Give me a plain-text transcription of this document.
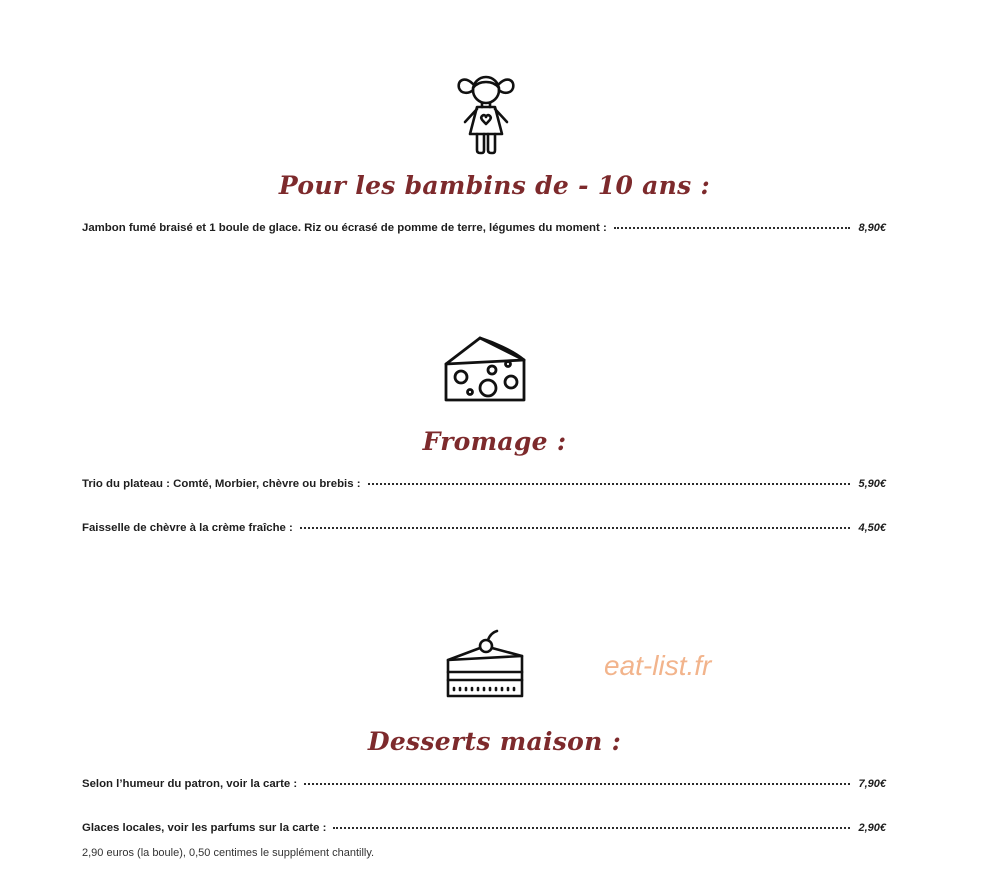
Pour les bambins de - 10 ans :
Jambon fumé braisé et 1 boule de glace. Riz ou écrasé de pomme de terre, légumes du moment :	8,90€
Fromage :
Trio du plateau : Comté, Morbier, chèvre ou brebis :	5,90€
Faisselle de chèvre à la crème fraîche :	4,50€
eat-list.fr
Desserts maison :
Selon l’humeur du patron, voir la carte :	7,90€
Glaces locales, voir les parfums sur la carte :	2,90€
2,90 euros (la boule), 0,50 centimes le supplément chantilly.
